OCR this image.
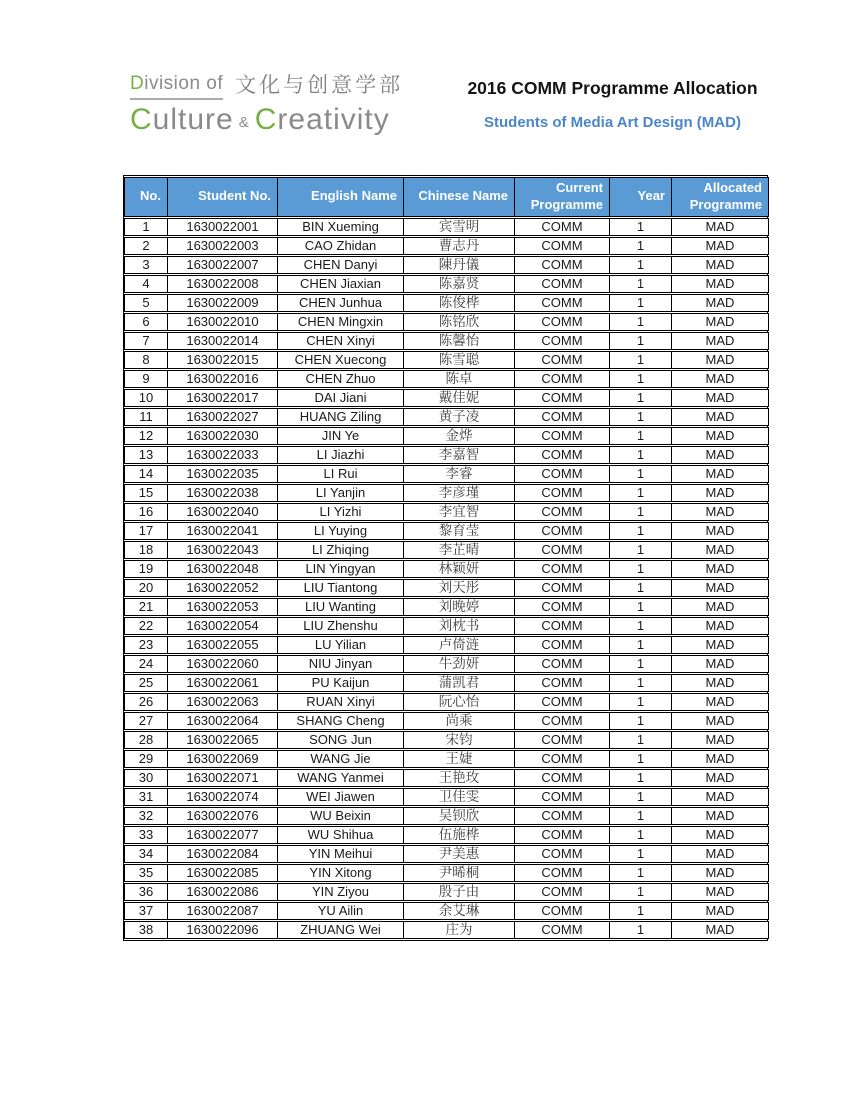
Division of 文化与创意学部
Culture & Creativity
2016 COMM Programme Allocation
Students of Media Art Design (MAD)
No.	Student No.	English Name	Chinese Name	Current Programme	Year	Allocated Programme
1	1630022001	BIN Xueming	宾雪明	COMM	1	MAD
2	1630022003	CAO Zhidan	曹志丹	COMM	1	MAD
3	1630022007	CHEN Danyi	陳丹儀	COMM	1	MAD
4	1630022008	CHEN Jiaxian	陈嘉贤	COMM	1	MAD
5	1630022009	CHEN Junhua	陈俊桦	COMM	1	MAD
6	1630022010	CHEN Mingxin	陈铭欣	COMM	1	MAD
7	1630022014	CHEN Xinyi	陈馨怡	COMM	1	MAD
8	1630022015	CHEN Xuecong	陈雪聪	COMM	1	MAD
9	1630022016	CHEN Zhuo	陈卓	COMM	1	MAD
10	1630022017	DAI Jiani	戴佳妮	COMM	1	MAD
11	1630022027	HUANG Ziling	黄子凌	COMM	1	MAD
12	1630022030	JIN Ye	金烨	COMM	1	MAD
13	1630022033	LI Jiazhi	李嘉智	COMM	1	MAD
14	1630022035	LI Rui	李睿	COMM	1	MAD
15	1630022038	LI Yanjin	李彦瑾	COMM	1	MAD
16	1630022040	LI Yizhi	李宜智	COMM	1	MAD
17	1630022041	LI Yuying	黎育莹	COMM	1	MAD
18	1630022043	LI Zhiqing	李芷晴	COMM	1	MAD
19	1630022048	LIN Yingyan	林颖妍	COMM	1	MAD
20	1630022052	LIU Tiantong	刘天彤	COMM	1	MAD
21	1630022053	LIU Wanting	刘晚婷	COMM	1	MAD
22	1630022054	LIU Zhenshu	刘枕书	COMM	1	MAD
23	1630022055	LU Yilian	卢倚涟	COMM	1	MAD
24	1630022060	NIU Jinyan	牛劲妍	COMM	1	MAD
25	1630022061	PU Kaijun	蒲凯君	COMM	1	MAD
26	1630022063	RUAN Xinyi	阮心怡	COMM	1	MAD
27	1630022064	SHANG Cheng	尚乘	COMM	1	MAD
28	1630022065	SONG Jun	宋钧	COMM	1	MAD
29	1630022069	WANG Jie	王婕	COMM	1	MAD
30	1630022071	WANG Yanmei	王艳玫	COMM	1	MAD
31	1630022074	WEI Jiawen	卫佳雯	COMM	1	MAD
32	1630022076	WU Beixin	吴钡欣	COMM	1	MAD
33	1630022077	WU Shihua	伍施桦	COMM	1	MAD
34	1630022084	YIN Meihui	尹美惠	COMM	1	MAD
35	1630022085	YIN Xitong	尹晞桐	COMM	1	MAD
36	1630022086	YIN Ziyou	殷子由	COMM	1	MAD
37	1630022087	YU Ailin	余艾琳	COMM	1	MAD
38	1630022096	ZHUANG Wei	庄为	COMM	1	MAD
